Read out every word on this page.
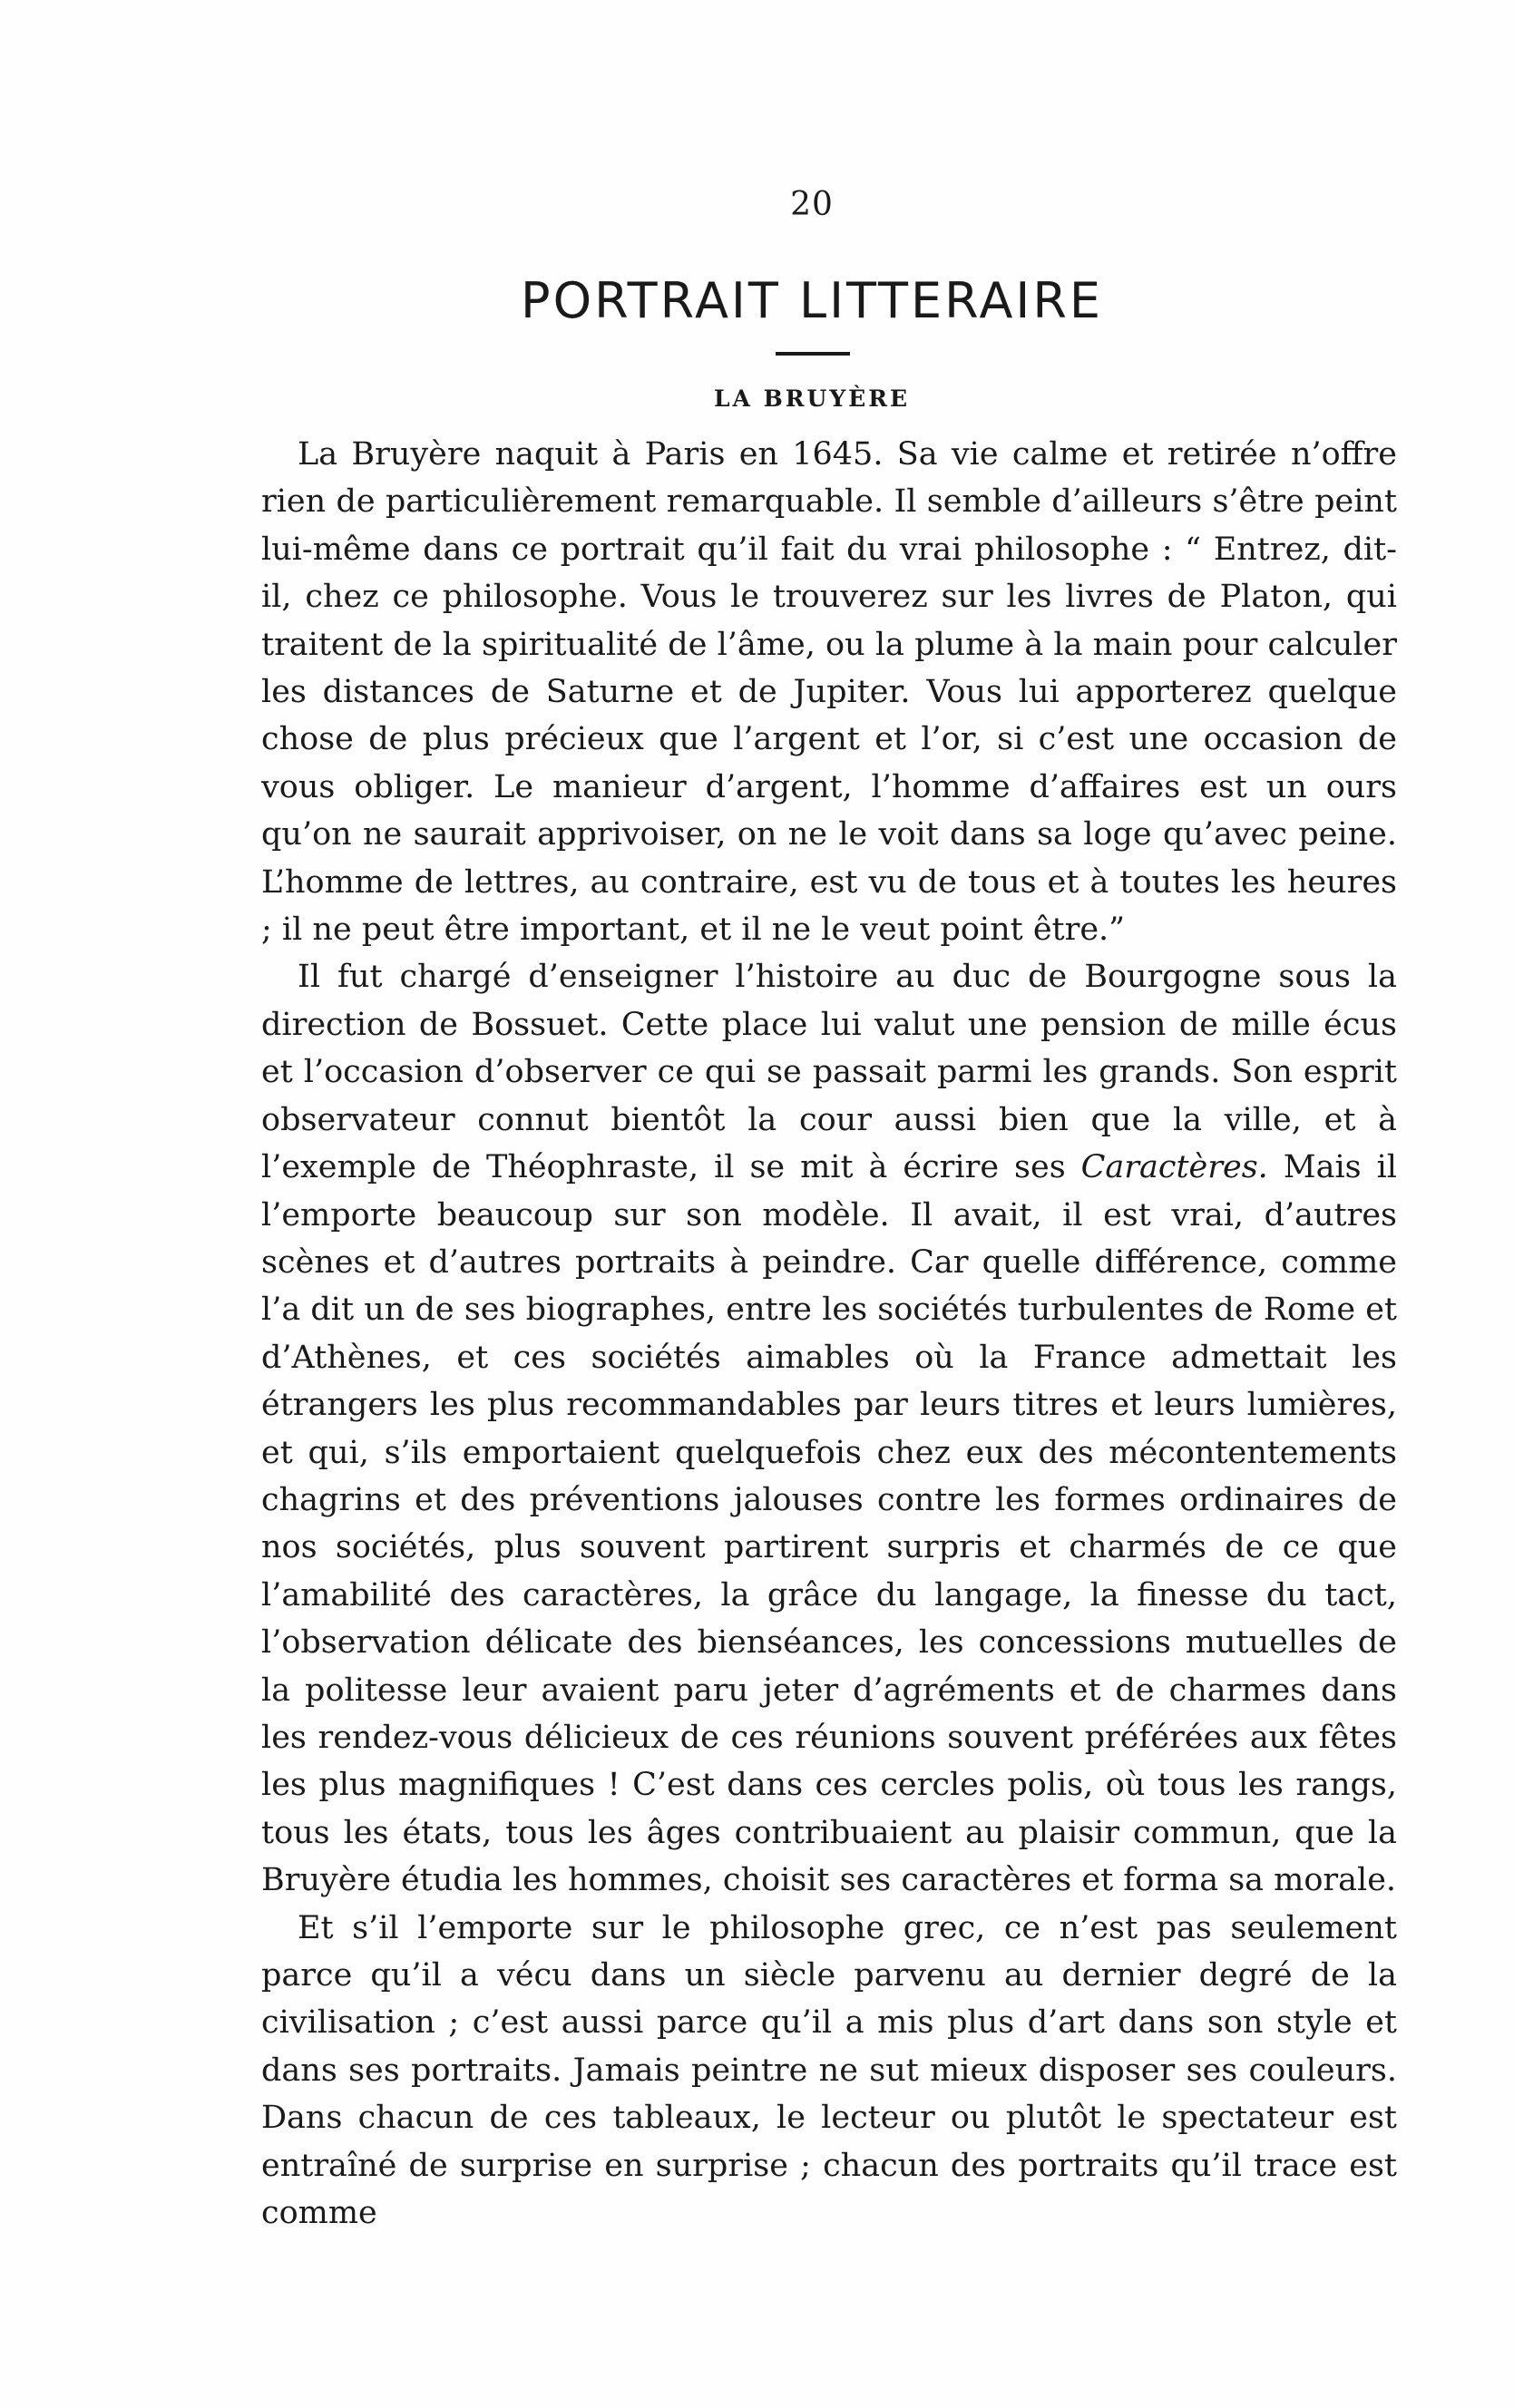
20
PORTRAIT LITTERAIRE
LA BRUYÈRE

La Bruyère naquit à Paris en 1645. Sa vie calme et retirée n’offre rien de particulièrement remarquable. Il semble d’ailleurs s’être peint lui-même dans ce portrait qu’il fait du vrai philosophe : “ Entrez, dit-il, chez ce philosophe. Vous le trouverez sur les livres de Platon, qui traitent de la spiritualité de l’âme, ou la plume à la main pour calculer les distances de Saturne et de Jupiter. Vous lui apporterez quelque chose de plus précieux que l’argent et l’or, si c’est une occasion de vous obliger. Le manieur d’argent, l’homme d’affaires est un ours qu’on ne saurait apprivoiser, on ne le voit dans sa loge qu’avec peine. L’homme de lettres, au contraire, est vu de tous et à toutes les heures ; il ne peut être important, et il ne le veut point être.”

Il fut chargé d’enseigner l’histoire au duc de Bourgogne sous la direction de Bossuet. Cette place lui valut une pension de mille écus et l’occasion d’observer ce qui se passait parmi les grands. Son esprit observateur connut bientôt la cour aussi bien que la ville, et à l’exemple de Théophraste, il se mit à écrire ses Caractères. Mais il l’emporte beaucoup sur son modèle. Il avait, il est vrai, d’autres scènes et d’autres portraits à peindre. Car quelle différence, comme l’a dit un de ses biographes, entre les sociétés turbulentes de Rome et d’Athènes, et ces sociétés aimables où la France admettait les étrangers les plus recommandables par leurs titres et leurs lumières, et qui, s’ils emportaient quelquefois chez eux des mécontentements chagrins et des préventions jalouses contre les formes ordinaires de nos sociétés, plus souvent partirent surpris et charmés de ce que l’amabilité des caractères, la grâce du langage, la finesse du tact, l’observation délicate des bienséances, les concessions mutuelles de la politesse leur avaient paru jeter d’agréments et de charmes dans les rendez-vous délicieux de ces réunions souvent préférées aux fêtes les plus magnifiques ! C’est dans ces cercles polis, où tous les rangs, tous les états, tous les âges contribuaient au plaisir commun, que la Bruyère étudia les hommes, choisit ses caractères et forma sa morale.

Et s’il l’emporte sur le philosophe grec, ce n’est pas seulement parce qu’il a vécu dans un siècle parvenu au dernier degré de la civilisation ; c’est aussi parce qu’il a mis plus d’art dans son style et dans ses portraits. Jamais peintre ne sut mieux disposer ses couleurs. Dans chacun de ces tableaux, le lecteur ou plutôt le spectateur est entraîné de surprise en surprise ; chacun des portraits qu’il trace est comme
